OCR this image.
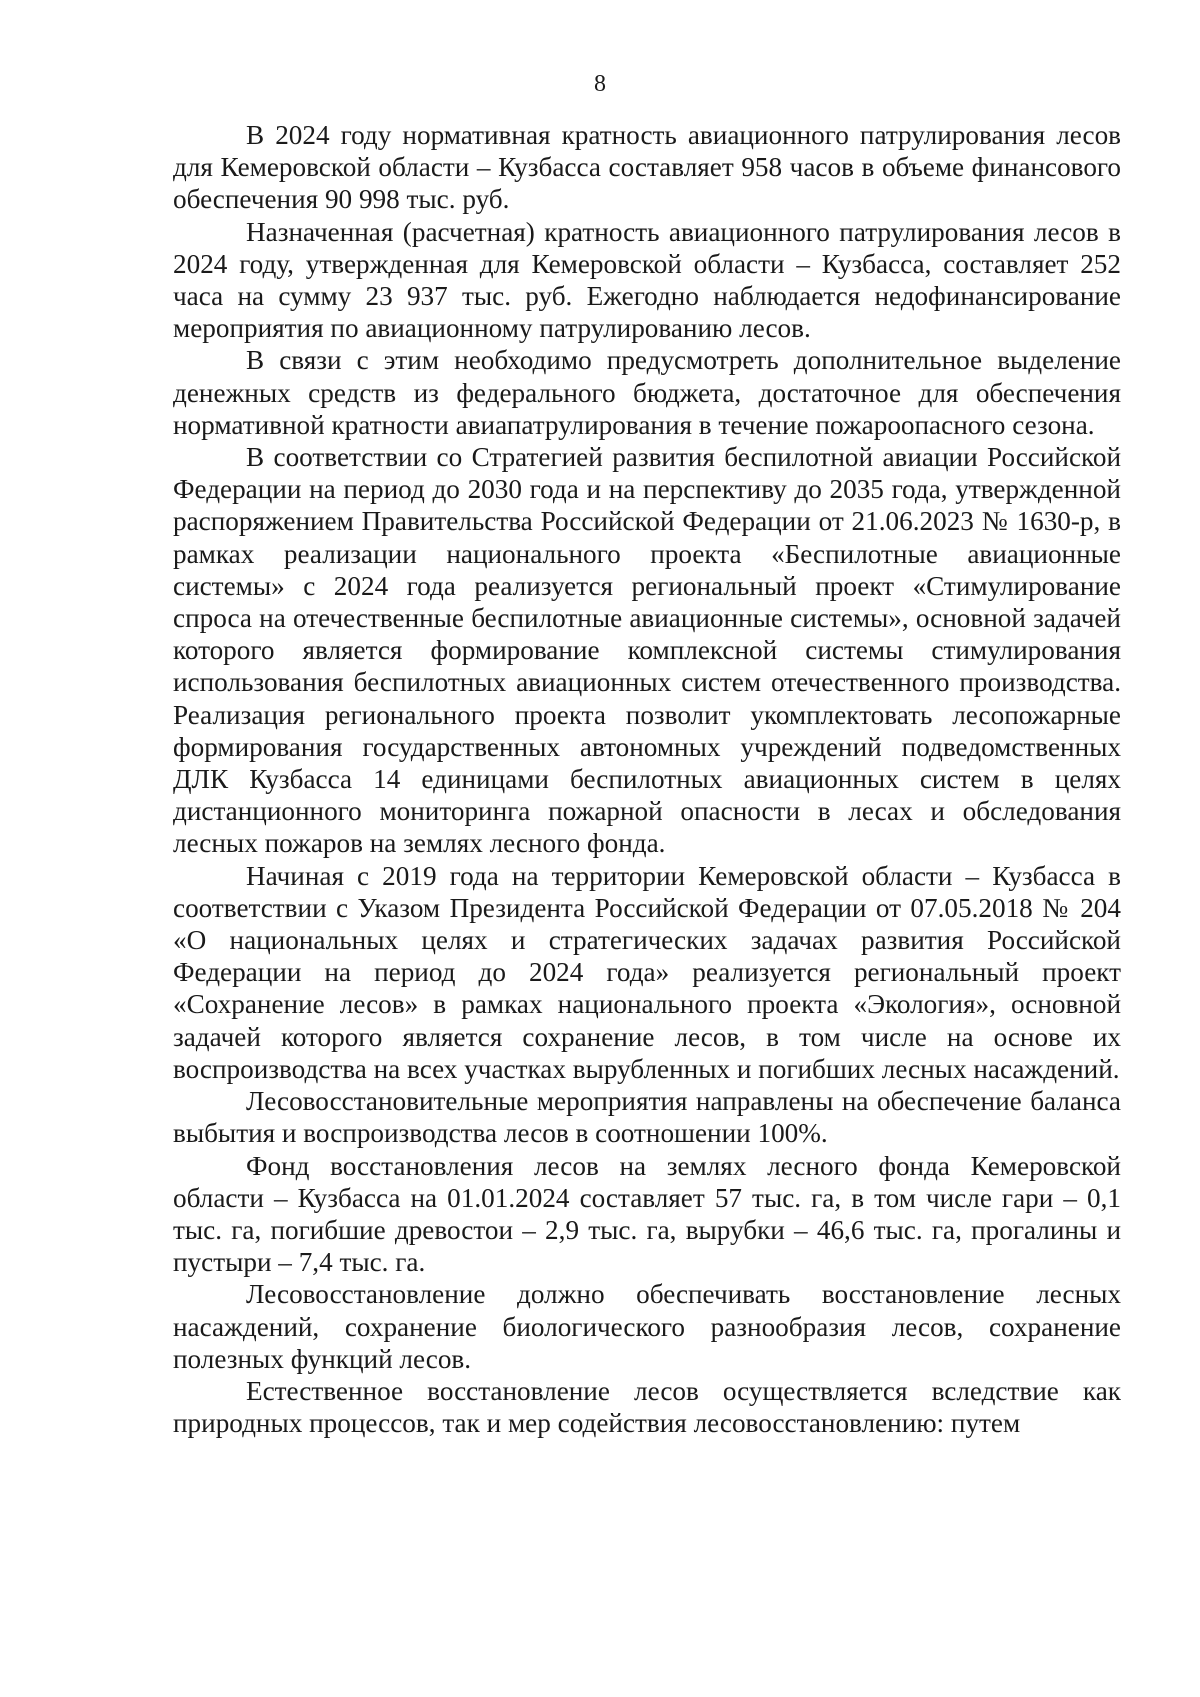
8

В 2024 году нормативная кратность авиационного патрулирования лесов для Кемеровской области – Кузбасса составляет 958 часов в объеме финансового обеспечения 90 998 тыс. руб.

Назначенная (расчетная) кратность авиационного патрулирования лесов в 2024 году, утвержденная для Кемеровской области – Кузбасса, составляет 252 часа на сумму 23 937 тыс. руб. Ежегодно наблюдается недофинансирование мероприятия по авиационному патрулированию лесов.

В связи с этим необходимо предусмотреть дополнительное выделение денежных средств из федерального бюджета, достаточное для обеспечения нормативной кратности авиапатрулирования в течение пожароопасного сезона.

В соответствии со Стратегией развития беспилотной авиации Российской Федерации на период до 2030 года и на перспективу до 2035 года, утвержденной распоряжением Правительства Российской Федерации от 21.06.2023 № 1630-р, в рамках реализации национального проекта «Беспилотные авиационные системы» с 2024 года реализуется региональный проект «Стимулирование спроса на отечественные беспилотные авиационные системы», основной задачей которого является формирование комплексной системы стимулирования использования беспилотных авиационных систем отечественного производства. Реализация регионального проекта позволит укомплектовать лесопожарные формирования государственных автономных учреждений подведомственных ДЛК Кузбасса 14 единицами беспилотных авиационных систем в целях дистанционного мониторинга пожарной опасности в лесах и обследования лесных пожаров на землях лесного фонда.

Начиная с 2019 года на территории Кемеровской области – Кузбасса в соответствии с Указом Президента Российской Федерации от 07.05.2018 № 204 «О национальных целях и стратегических задачах развития Российской Федерации на период до 2024 года» реализуется региональный проект «Сохранение лесов» в рамках национального проекта «Экология», основной задачей которого является сохранение лесов, в том числе на основе их воспроизводства на всех участках вырубленных и погибших лесных насаждений.

Лесовосстановительные мероприятия направлены на обеспечение баланса выбытия и воспроизводства лесов в соотношении 100%.

Фонд восстановления лесов на землях лесного фонда Кемеровской области – Кузбасса на 01.01.2024 составляет 57 тыс. га, в том числе гари – 0,1 тыс. га, погибшие древостои – 2,9 тыс. га, вырубки – 46,6 тыс. га, прогалины и пустыри – 7,4 тыс. га.

Лесовосстановление должно обеспечивать восстановление лесных насаждений, сохранение биологического разнообразия лесов, сохранение полезных функций лесов.

Естественное восстановление лесов осуществляется вследствие как природных процессов, так и мер содействия лесовосстановлению: путем
